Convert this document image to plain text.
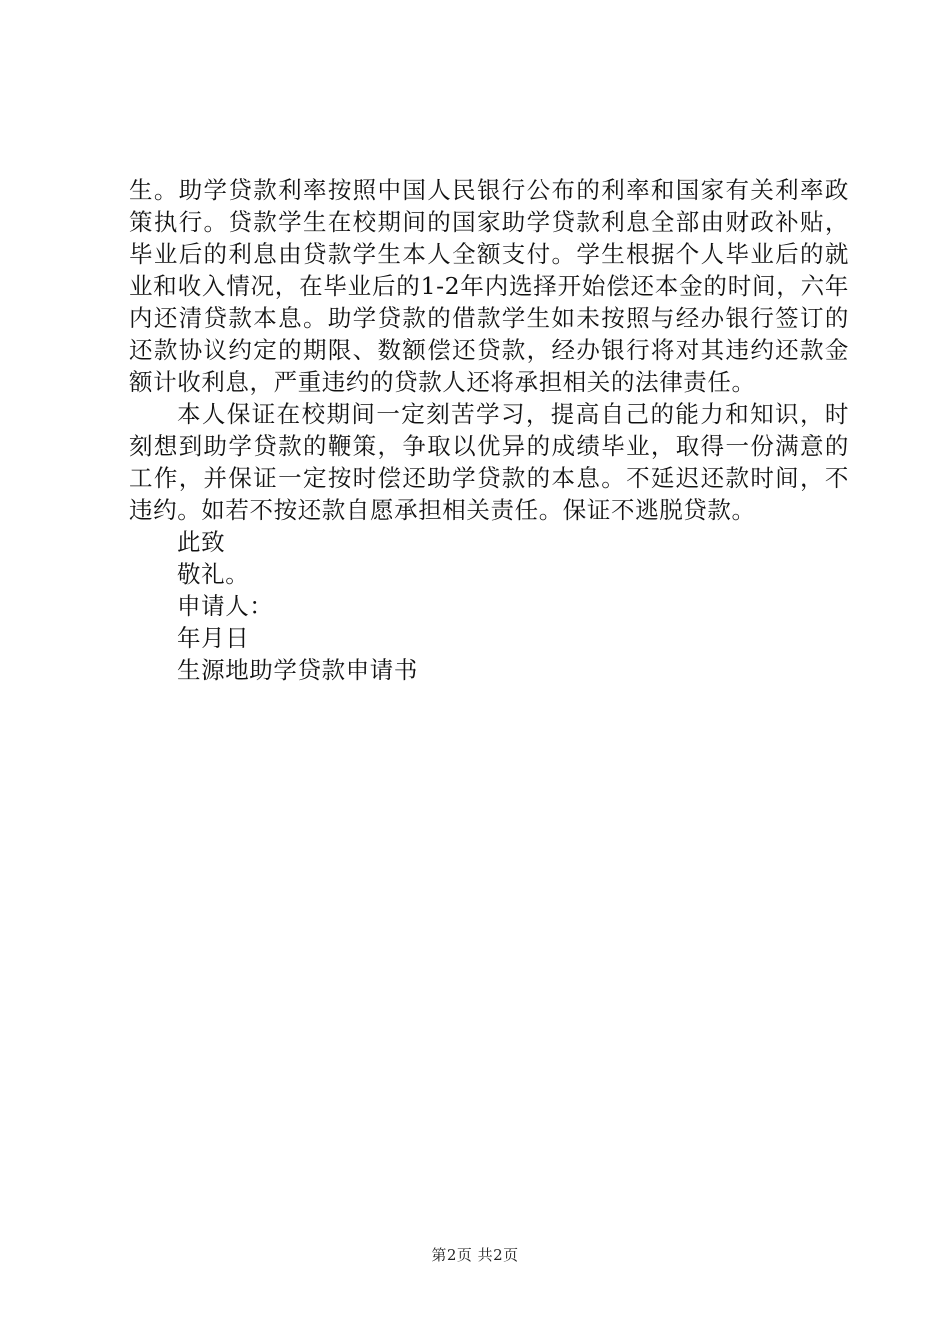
生。助学贷款利率按照中国人民银行公布的利率和国家有关利率政策执行。贷款学生在校期间的国家助学贷款利息全部由财政补贴，毕业后的利息由贷款学生本人全额支付。学生根据个人毕业后的就业和收入情况，在毕业后的1-2年内选择开始偿还本金的时间，六年内还清贷款本息。助学贷款的借款学生如未按照与经办银行签订的还款协议约定的期限、数额偿还贷款，经办银行将对其违约还款金额计收利息，严重违约的贷款人还将承担相关的法律责任。

本人保证在校期间一定刻苦学习，提高自己的能力和知识，时刻想到助学贷款的鞭策，争取以优异的成绩毕业，取得一份满意的工作，并保证一定按时偿还助学贷款的本息。不延迟还款时间，不违约。如若不按还款自愿承担相关责任。保证不逃脱贷款。

此致

敬礼。

申请人：

年月日

生源地助学贷款申请书

第2页 共2页
